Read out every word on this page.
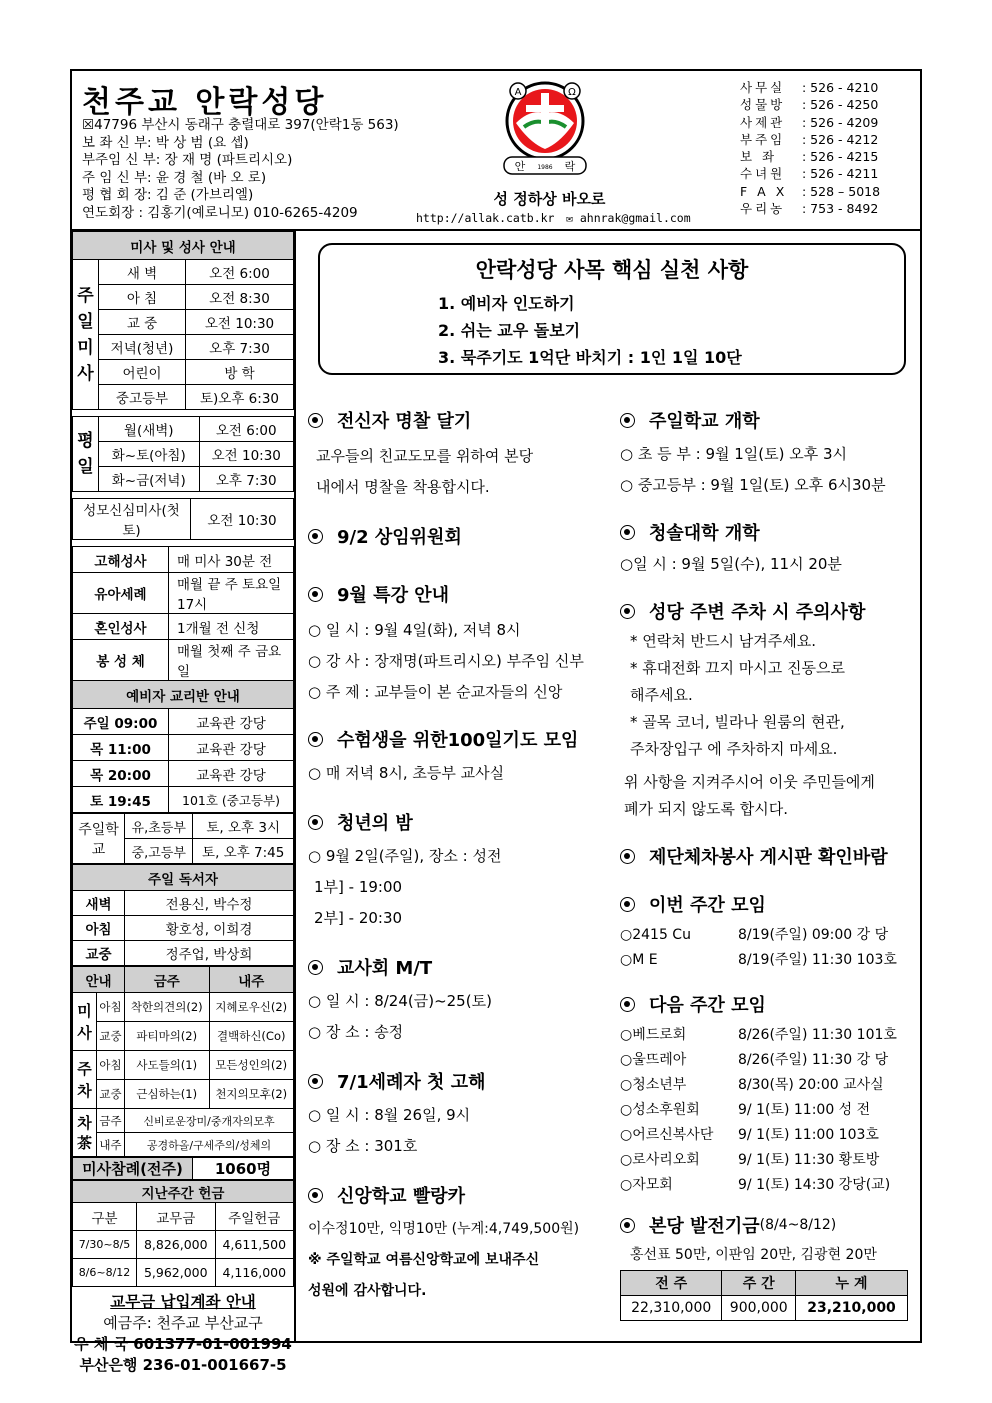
천주교 안락성당
☒47796 부산시 동래구 충렬대로 397(안락1동 563)
보 좌 신 부: 박 상 범 (요 셉)
부주임 신 부: 장 재 명 (파트리시오)
주 임 신 부: 윤 경 철 (바 오 로)
평 협 회 장: 김 준 (가브리엘)
연도회장 : 김홍기(예로니모) 010-6265-4209
A	Ω
안 1986 락
성 정하상 바오로
http://allak.catb.kr ✉ ahnrak@gmail.com
사무실	: 526 - 4210
성물방	: 526 - 4250
사제관	: 526 - 4209
부주임	: 526 - 4212
보 좌	: 526 - 4215
수녀원	: 526 - 4211
F A X	: 528 – 5018
우리농	: 753 - 8492
미사 및 성사 안내		
주일미사	새 벽	오전 6:00
	아 침	오전 8:30
	교 중	오전 10:30
	저녁(청년)	오후 7:30
	어린이	방 학
	중고등부	토)오후 6:30
평일	월(새벽)	오전 6:00
	화~토(아침)	오전 10:30
	화~금(저녁)	오후 7:30
성모신심미사(첫토)	오전 10:30
고해성사	매 미사 30분 전
유아세례	매월 끝 주 토요일 17시
혼인성사	1개월 전 신청
봉 성 체	매월 첫째 주 금요일
예비자 교리반 안내	
주일 09:00	교육관 강당
목 11:00	교육관 강당
목 20:00	교육관 강당
토 19:45	101호 (중고등부)
주일학교	유,초등부	토, 오후 3시
	중,고등부	토, 오후 7:45
주일 독서자	
새벽	전용신, 박수정
아침	황호성, 이희경
교중	정주업, 박상희
안내		금주	내주
미사	아침	착한의견의(2)	지혜로우신(2)
	교중	파티마의(2)	결백하신(Co)
주차	아침	사도들의(1)	모든성인의(2)
	교중	근심하는(1)	천지의모후(2)
차茶	금주	신비로운장미/중개자의모후	
	내주	공경하올/구세주의/성체의	
미사참례(전주)	1060명
지난주간 헌금		
구분	교무금	주일헌금
7/30~8/5	8,826,000	4,611,500
8/6~8/12	5,962,000	4,116,000
교무금 납입계좌 안내
예금주: 천주교 부산교구
우 체 국 601377-01-001994
부산은행 236-01-001667-5
안락성당 사목 핵심 실천 사항
1. 예비자 인도하기
2. 쉬는 교우 돌보기
3. 묵주기도 1억단 바치기 : 1인 1일 10단
전신자 명찰 달기
교우들의 친교도모를 위하여 본당
내에서 명찰을 착용합시다.
9/2 상임위원회
9월 특강 안내
○ 일 시 : 9월 4일(화), 저녁 8시
○ 강 사 : 장재명(파트리시오) 부주임 신부
○ 주 제 : 교부들이 본 순교자들의 신앙
수험생을 위한100일기도 모임
○ 매 저녁 8시, 초등부 교사실
청년의 밤
○ 9월 2일(주일), 장소 : 성전
1부] - 19:00
2부] - 20:30
교사회 M/T
○ 일 시 : 8/24(금)~25(토)
○ 장 소 : 송정
7/1세례자 첫 고해
○ 일 시 : 8월 26일, 9시
○ 장 소 : 301호
신앙학교 빨랑카
이수정10만, 익명10만 (누계:4,749,500원)
※ 주일학교 여름신앙학교에 보내주신
성원에 감사합니다.
주일학교 개학
○ 초 등 부 : 9월 1일(토) 오후 3시
○ 중고등부 : 9월 1일(토) 오후 6시30분
청솔대학 개학
○일 시 : 9월 5일(수), 11시 20분
성당 주변 주차 시 주의사항
* 연락처 반드시 남겨주세요.
* 휴대전화 끄지 마시고 진동으로
해주세요.
* 골목 코너, 빌라나 원룸의 현관,
주차장입구 에 주차하지 마세요.
위 사항을 지켜주시어 이웃 주민들에게
폐가 되지 않도록 합시다.
제단체차봉사 게시판 확인바람
이번 주간 모임
○2415 Cu	8/19(주일) 09:00 강 당
○M E	8/19(주일) 11:30 103호
다음 주간 모임
○베드로회	8/26(주일) 11:30 101호
○울뜨레아	8/26(주일) 11:30 강 당
○청소년부	8/30(목) 20:00 교사실
○성소후원회	9/ 1(토) 11:00 성 전
○어르신복사단	9/ 1(토) 11:00 103호
○로사리오회	9/ 1(토) 11:30 황토방
○자모회	9/ 1(토) 14:30 강당(교)
본당 발전기금 (8/4~8/12)
홍선표 50만, 이판임 20만, 김광현 20만
전 주	주 간	누 계
22,310,000	900,000	23,210,000
